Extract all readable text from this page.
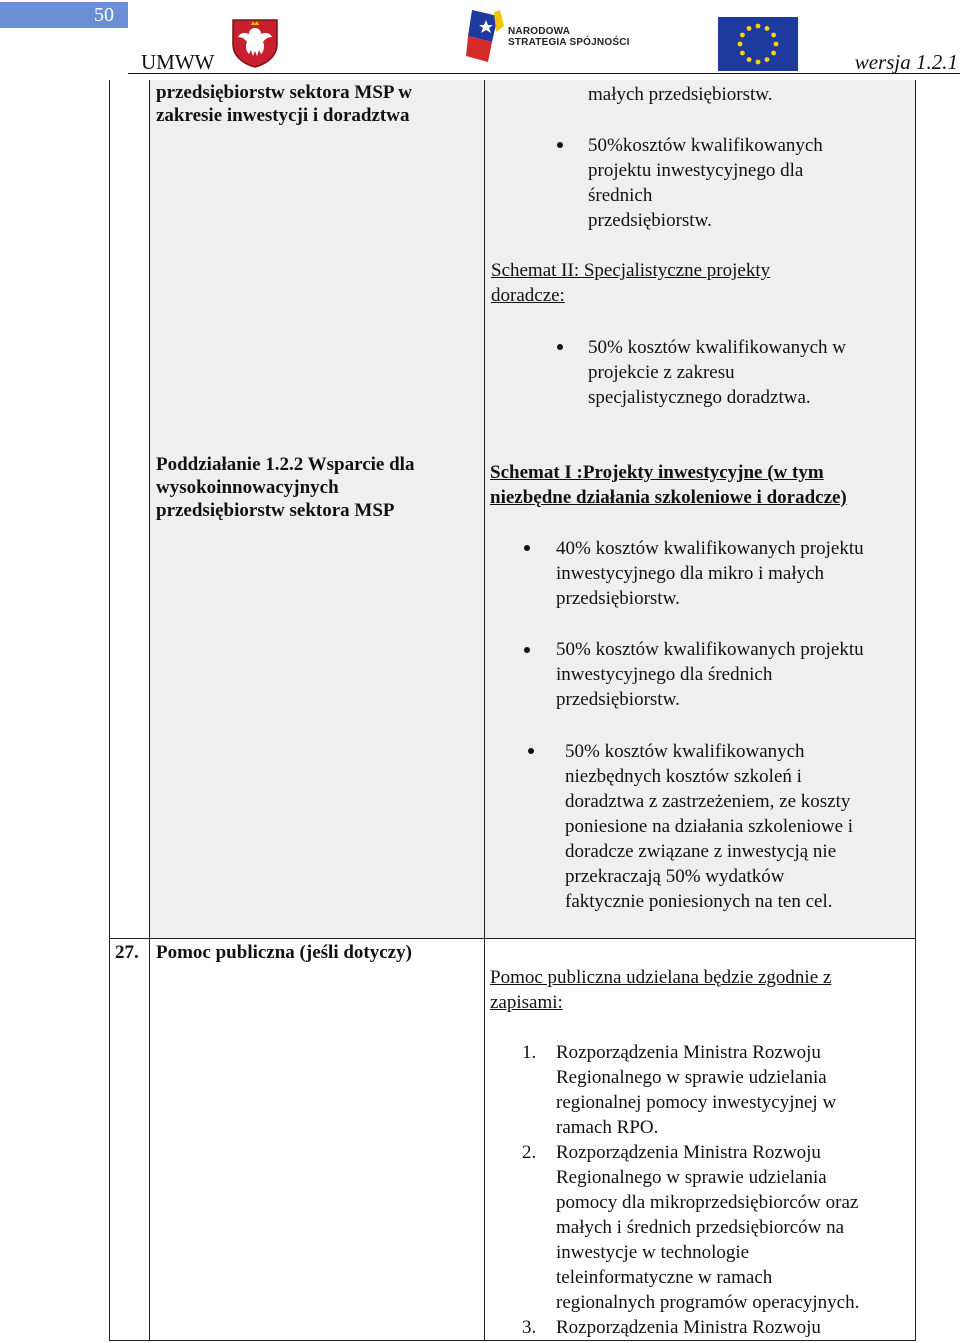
50
UMWW	wersja 1.2.1
NARODOWA
STRATEGIA SPÓJNOŚCI
przedsiębiorstw sektora MSP w
zakresie inwestycji i doradztwa
małych przedsiębiorstw.
50%kosztów kwalifikowanych
projektu inwestycyjnego dla
średnich
przedsiębiorstw.
Schemat II: Specjalistyczne projekty
doradcze:
50% kosztów kwalifikowanych w
projekcie z zakresu
specjalistycznego doradztwa.
Poddziałanie 1.2.2 Wsparcie dla
wysokoinnowacyjnych
przedsiębiorstw sektora MSP
Schemat I :Projekty inwestycyjne (w tym
niezbędne działania szkoleniowe i doradcze)
40% kosztów kwalifikowanych projektu
inwestycyjnego dla mikro i małych
przedsiębiorstw.
50% kosztów kwalifikowanych projektu
inwestycyjnego dla średnich
przedsiębiorstw.
50% kosztów kwalifikowanych
niezbędnych kosztów szkoleń i
doradztwa z zastrzeżeniem, ze koszty
poniesione na działania szkoleniowe i
doradcze związane z inwestycją nie
przekraczają 50% wydatków
faktycznie poniesionych na ten cel.
27. Pomoc publiczna (jeśli dotyczy)
Pomoc publiczna udzielana będzie zgodnie z
zapisami:
1. Rozporządzenia Ministra Rozwoju
Regionalnego w sprawie udzielania
regionalnej pomocy inwestycyjnej w
ramach RPO.
2. Rozporządzenia Ministra Rozwoju
Regionalnego w sprawie udzielania
pomocy dla mikroprzedsiębiorców oraz
małych i średnich przedsiębiorców na
inwestycje w technologie
teleinformatyczne w ramach
regionalnych programów operacyjnych.
3. Rozporządzenia Ministra Rozwoju
